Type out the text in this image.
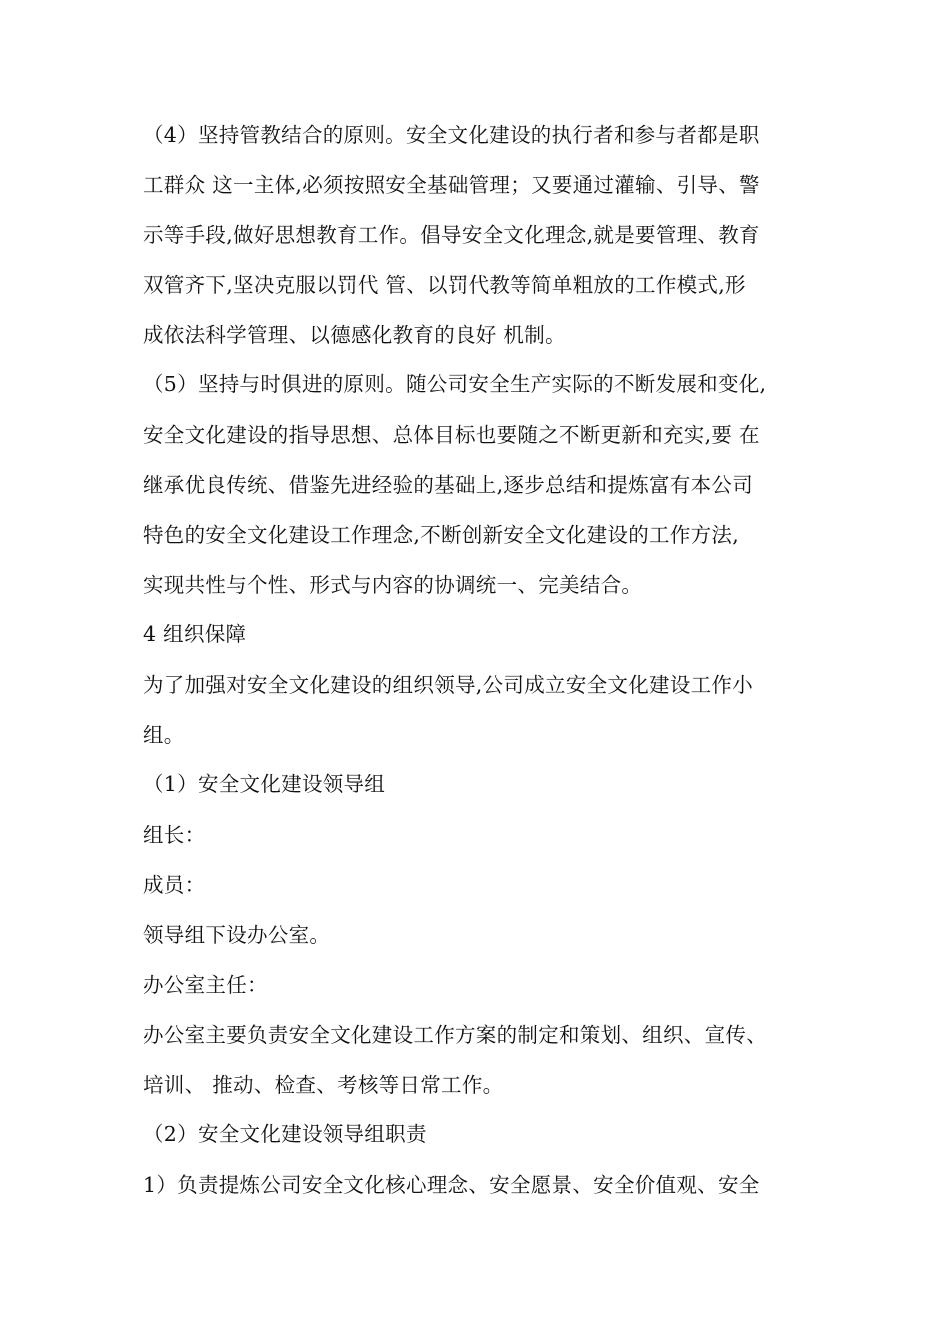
（4）坚持管教结合的原则。安全文化建设的执行者和参与者都是职
工群众 这一主体,必须按照安全基础管理；又要通过灌输、引导、警
示等手段,做好思想教育工作。倡导安全文化理念,就是要管理、教育
双管齐下,坚决克服以罚代 管、以罚代教等简单粗放的工作模式,形
成依法科学管理、以德感化教育的良好 机制。
（5）坚持与时俱进的原则。随公司安全生产实际的不断发展和变化,
安全文化建设的指导思想、总体目标也要随之不断更新和充实,要 在
继承优良传统、借鉴先进经验的基础上,逐步总结和提炼富有本公司
特色的安全文化建设工作理念,不断创新安全文化建设的工作方法,
实现共性与个性、形式与内容的协调统一、完美结合。
4 组织保障
为了加强对安全文化建设的组织领导,公司成立安全文化建设工作小
组。
（1）安全文化建设领导组
组长：
成员：
领导组下设办公室。
办公室主任：
办公室主要负责安全文化建设工作方案的制定和策划、组织、宣传、
培训、 推动、检查、考核等日常工作。
（2）安全文化建设领导组职责
1）负责提炼公司安全文化核心理念、安全愿景、安全价值观、安全
